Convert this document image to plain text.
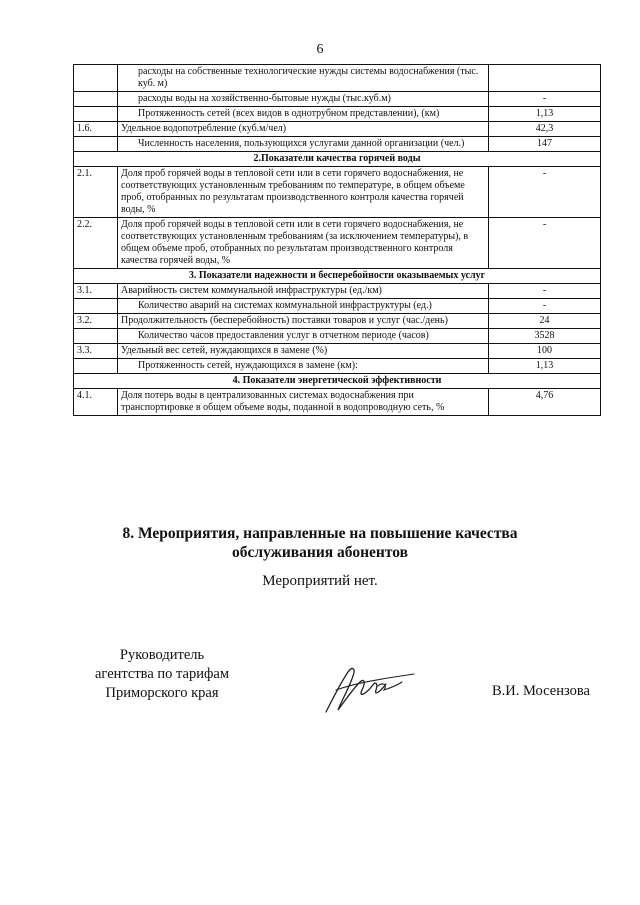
6
	расходы на собственные технологические нужды системы водоснабжения (тыс. куб. м)	
	расходы воды на хозяйственно-бытовые нужды (тыс.куб.м)	-
	Протяженность сетей (всех видов в однотрубном представлении), (км)	1,13
1.6.	Удельное водопотребление (куб.м/чел)	42,3
	Численность населения, пользующихся услугами данной организации (чел.)	147
2.Показатели качества горячей воды		
2.1.	Доля проб горячей воды в тепловой сети или в сети горячего водоснабжения, не соответствующих установленным требованиям по температуре, в общем объеме проб, отобранных по результатам производственного контроля качества горячей воды, %	-
2.2.	Доля проб горячей воды в тепловой сети или в сети горячего водоснабжения, не соответствующих установленным требованиям (за исключением температуры), в общем объеме проб, отобранных по результатам производственного контроля качества горячей воды, %	-
3. Показатели надежности и бесперебойности оказываемых услуг		
3.1.	Аварийность систем коммунальной инфраструктуры (ед./км)	-
	Количество аварий на системах коммунальной инфраструктуры (ед.)	-
3.2.	Продолжительность (бесперебойность) поставки товаров и услуг (час./день)	24
	Количество часов предоставления услуг в отчетном периоде (часов)	3528
3.3.	Удельный вес сетей, нуждающихся в замене (%)	100
	Протяженность сетей, нуждающихся в замене (км):	1,13
4. Показатели энергетической эффективности		
4.1.	Доля потерь воды в централизованных системах водоснабжения при транспортировке в общем объеме воды, поданной в водопроводную сеть, %	4,76
8. Мероприятия, направленные на повышение качества
обслуживания абонентов
Мероприятий нет.
Руководитель
агентства по тарифам
Приморского края	В.И. Мосензова
